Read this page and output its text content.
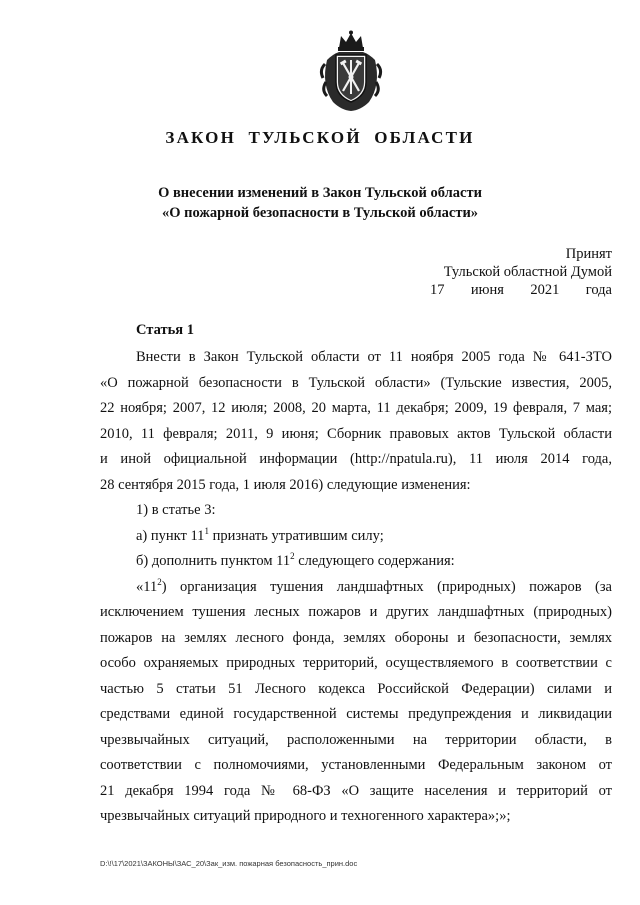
ЗАКОН ТУЛЬСКОЙ ОБЛАСТИ
О внесении изменений в Закон Тульской области
«О пожарной безопасности в Тульской области»
Принят
Тульской областной Думой
17 июня 2021 года
Статья 1

Внести в Закон Тульской области от 11 ноября 2005 года № 641-ЗТО

«О пожарной безопасности в Тульской области» (Тульские известия, 2005,

22 ноября; 2007, 12 июля; 2008, 20 марта, 11 декабря; 2009, 19 февраля, 7 мая;

2010, 11 февраля; 2011, 9 июня; Сборник правовых актов Тульской области

и иной официальной информации (http://npatula.ru), 11 июля 2014 года,

28 сентября 2015 года, 1 июля 2016) следующие изменения:

1) в статье 3:

а) пункт $11^1$ признать утратившим силу;

б) дополнить пунктом $11^2$ следующего содержания:

«$11^2$) организация тушения ландшафтных (природных) пожаров (за

исключением тушения лесных пожаров и других ландшафтных (природных)

пожаров на землях лесного фонда, землях обороны и безопасности, землях

особо охраняемых природных территорий, осуществляемого в соответствии с

частью 5 статьи 51 Лесного кодекса Российской Федерации) силами и

средствами единой государственной системы предупреждения и ликвидации

чрезвычайных ситуаций, расположенными на территории области, в

соответствии с полномочиями, установленными Федеральным законом от

21 декабря 1994 года № 68-ФЗ «О защите населения и территорий от

чрезвычайных ситуаций природного и техногенного характера»;»;

D:\!\17\2021\ЗАКОНЫ\ЗАС_20\Зак_изм. пожарная безопасность_прин.doc
